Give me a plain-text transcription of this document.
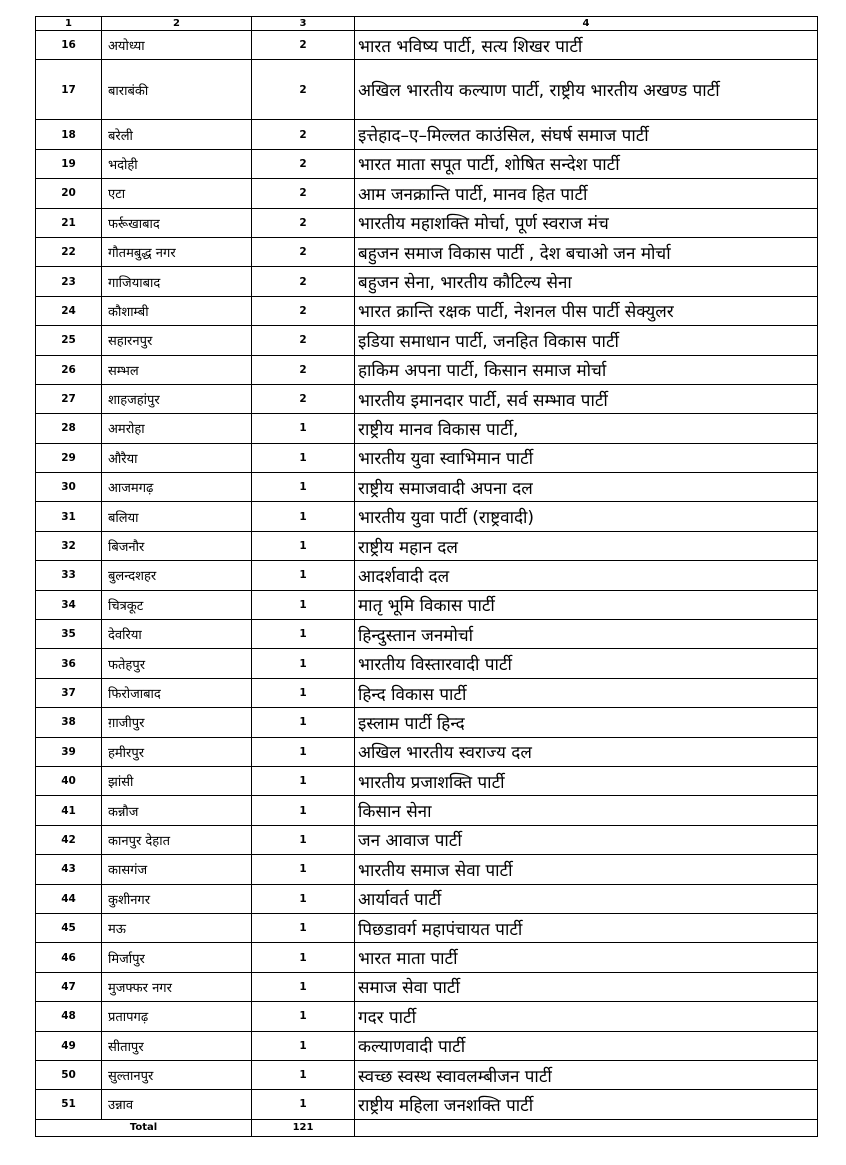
1	2	3	4
16	अयोध्या	2	भारत भविष्य पार्टी, सत्य शिखर पार्टी
17	बाराबंकी	2	अखिल भारतीय कल्याण पार्टी, राष्ट्रीय भारतीय अखण्ड पार्टी
18	बरेली	2	इत्तेहाद–ए–मिल्लत काउंसिल, संघर्ष समाज पार्टी
19	भदोही	2	भारत माता सपूत पार्टी, शोषित सन्देश पार्टी
20	एटा	2	आम जनक्रान्ति पार्टी, मानव हित पार्टी
21	फर्रूखाबाद	2	भारतीय महाशक्ति मोर्चा, पूर्ण स्वराज मंच
22	गौतमबुद्ध नगर	2	बहुजन समाज विकास पार्टी , देश बचाओ जन मोर्चा
23	गाजियाबाद	2	बहुजन सेना, भारतीय कौटिल्य सेना
24	कौशाम्बी	2	भारत क्रान्ति रक्षक पार्टी, नेशनल पीस पार्टी सेक्युलर
25	सहारनपुर	2	इडिया समाधान पार्टी, जनहित विकास पार्टी
26	सम्भल	2	हाकिम अपना पार्टी, किसान समाज मोर्चा
27	शाहजहांपुर	2	भारतीय इमानदार पार्टी, सर्व सम्भाव पार्टी
28	अमरोहा	1	राष्ट्रीय मानव विकास पार्टी,
29	औरैया	1	भारतीय युवा स्वाभिमान पार्टी
30	आजमगढ़	1	राष्ट्रीय समाजवादी अपना दल
31	बलिया	1	भारतीय युवा पार्टी (राष्ट्रवादी)
32	बिजनौर	1	राष्ट्रीय महान दल
33	बुलन्दशहर	1	आदर्शवादी दल
34	चित्रकूट	1	मातृ भूमि विकास पार्टी
35	देवरिया	1	हिन्दुस्तान जनमोर्चा
36	फतेहपुर	1	भारतीय विस्तारवादी पार्टी
37	फिरोजाबाद	1	हिन्द विकास पार्टी
38	ग़ाजीपुर	1	इस्लाम पार्टी हिन्द
39	हमीरपुर	1	अखिल भारतीय स्वराज्य दल
40	झांसी	1	भारतीय प्रजाशक्ति पार्टी
41	कन्नौज	1	किसान सेना
42	कानपुर देहात	1	जन आवाज पार्टी
43	कासगंज	1	भारतीय समाज सेवा पार्टी
44	कुशीनगर	1	आर्यावर्त पार्टी
45	मऊ	1	पिछडावर्ग महापंचायत पार्टी
46	मिर्जापुर	1	भारत माता पार्टी
47	मुजफ्फर नगर	1	समाज सेवा पार्टी
48	प्रतापगढ़	1	गदर पार्टी
49	सीतापुर	1	कल्याणवादी पार्टी
50	सुल्तानपुर	1	स्वच्छ स्वस्थ स्वावलम्बीजन पार्टी
51	उन्नाव	1	राष्ट्रीय महिला जनशक्ति पार्टी
Total		121	
